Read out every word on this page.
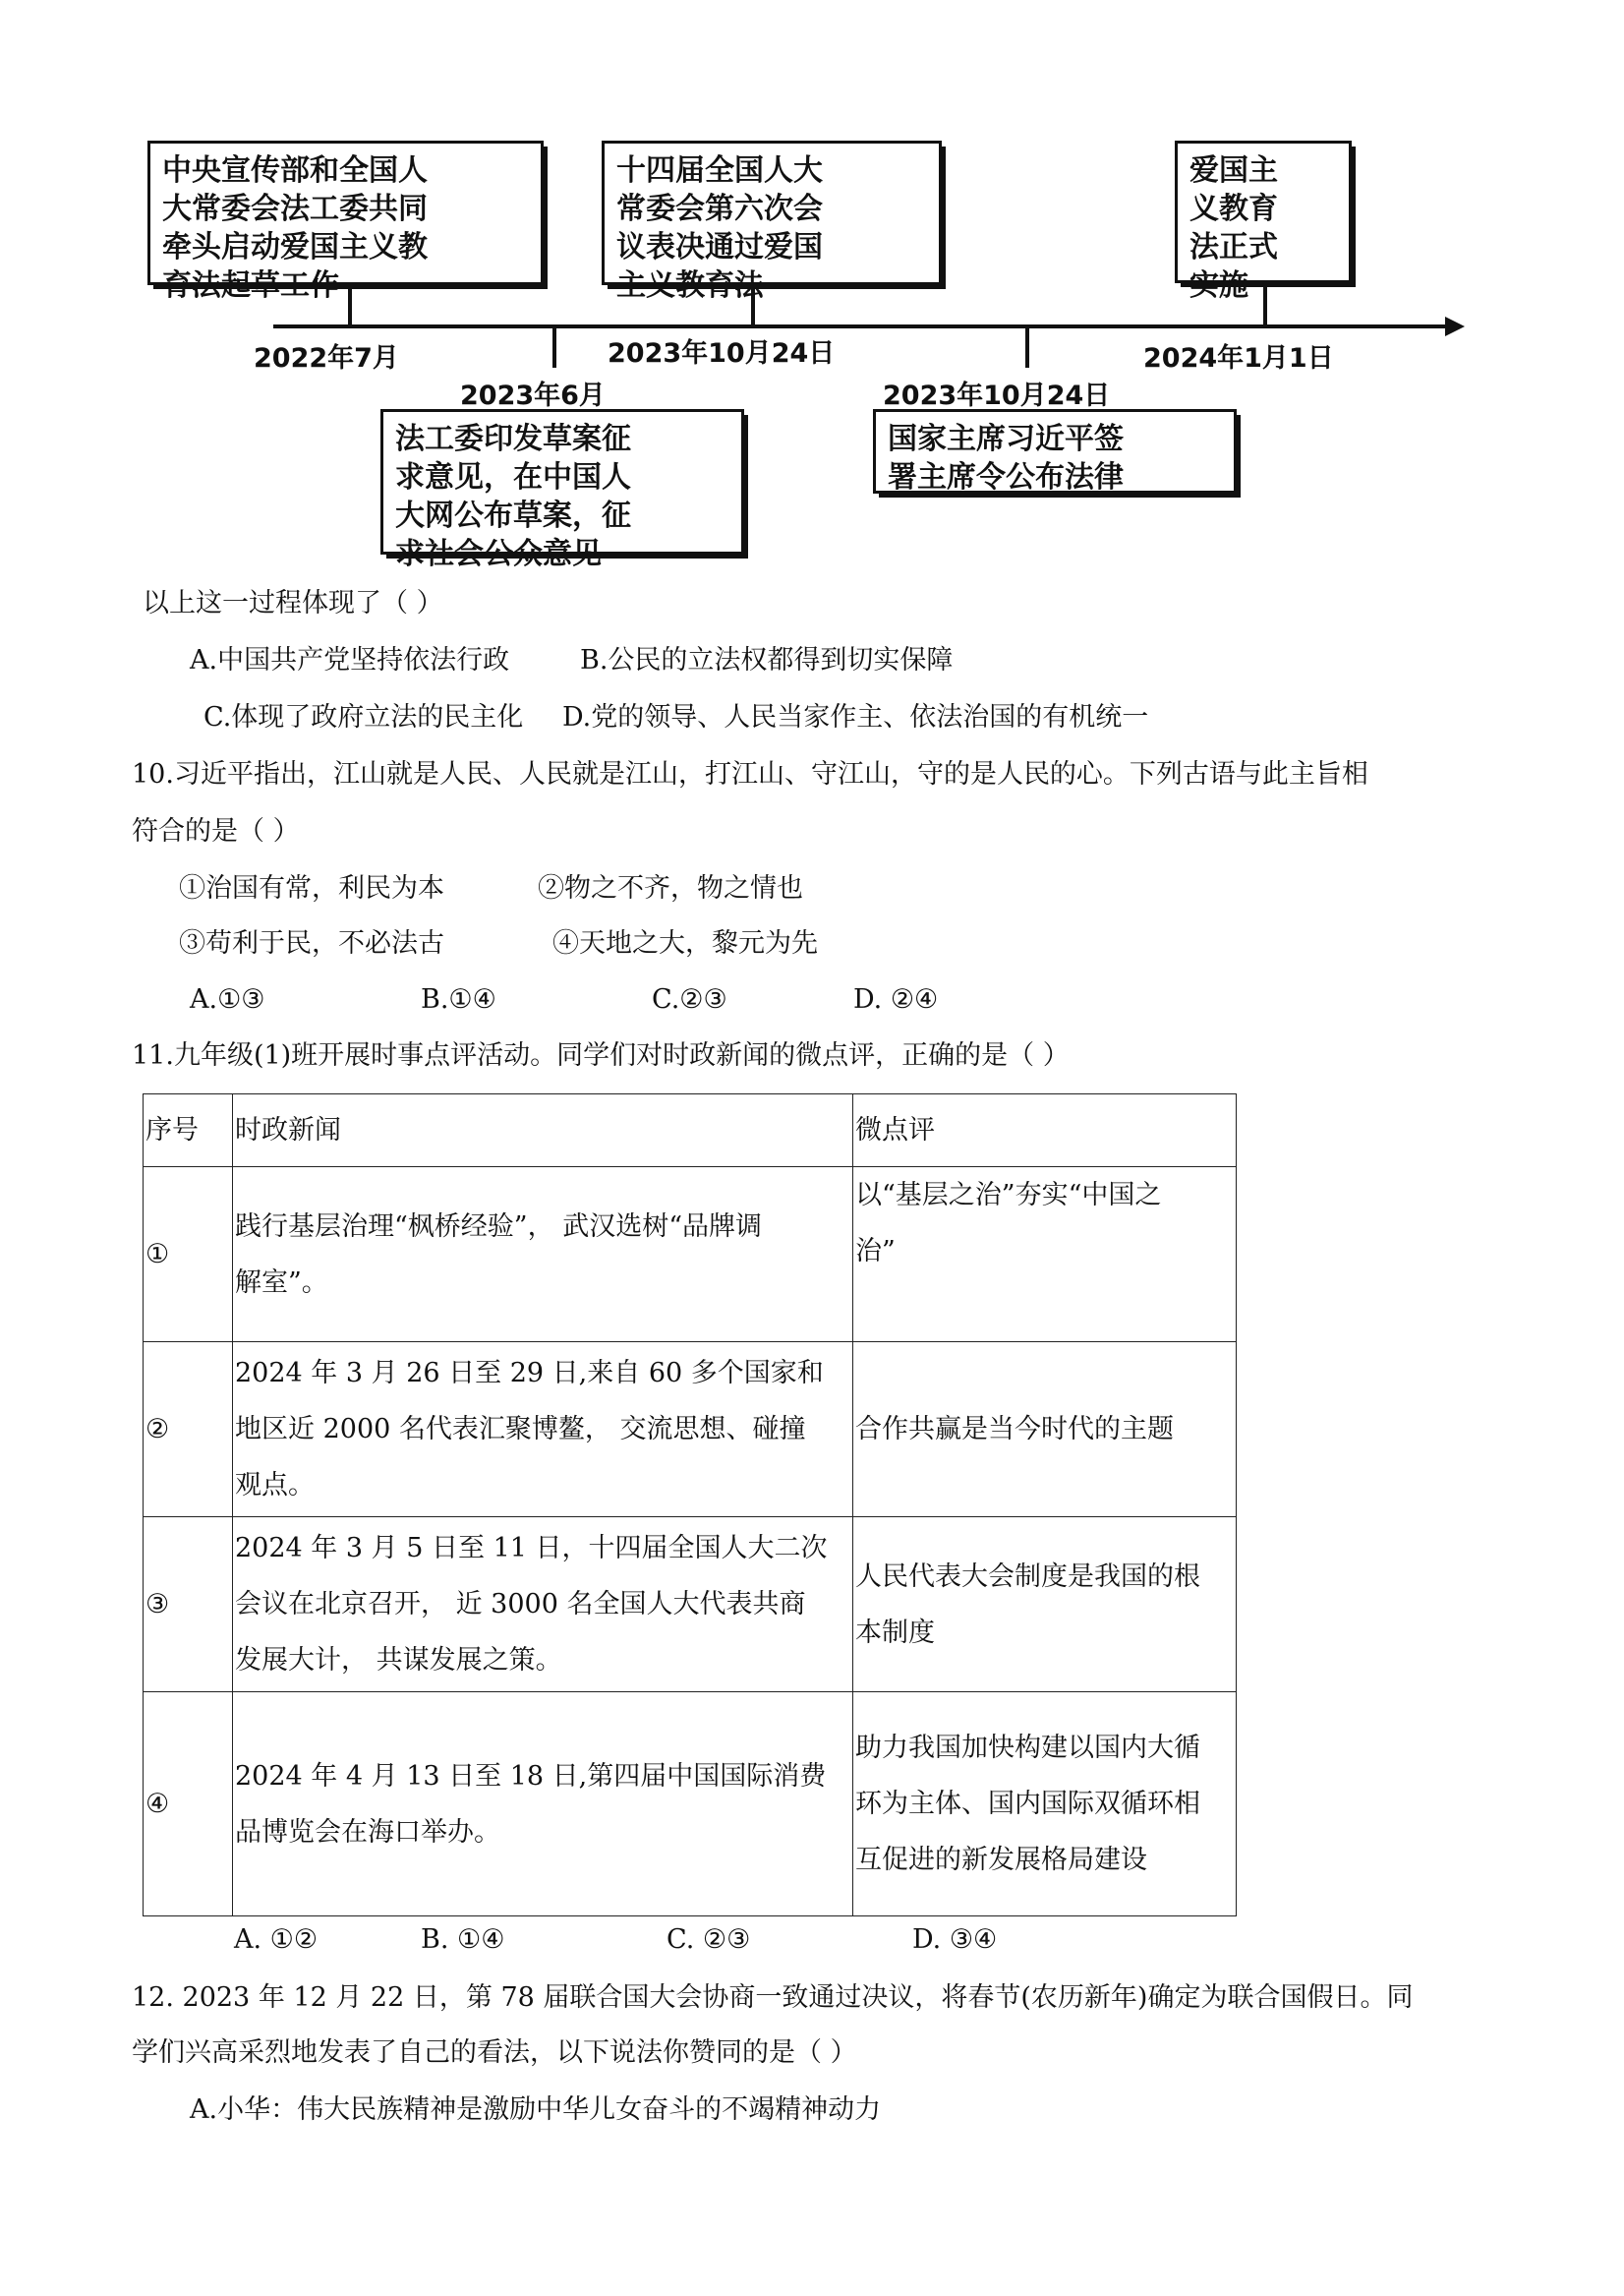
中央宣传部和全国人
大常委会法工委共同
牵头启动爱国主义教
育法起草工作
十四届全国人大
常委会第六次会
议表决通过爱国
主义教育法
爱国主
义教育
法正式
实施
法工委印发草案征
求意见，在中国人
大网公布草案，征
求社会公众意见
国家主席习近平签
署主席令公布法律
2022年7月
2023年6月
2023年10月24日
2023年10月24日
2024年1月1日
以上这一过程体现了（ ）
A.中国共产党坚持依法行政	B.公民的立法权都得到切实保障
C.体现了政府立法的民主化 D.党的领导、人民当家作主、依法治国的有机统一
10.习近平指出，江山就是人民、人民就是江山，打江山、守江山，守的是人民的心。下列古语与此主旨相
符合的是（ ）
①治国有常，利民为本	②物之不齐，物之情也
③苟利于民，不必法古	④天地之大，黎元为先
A.①③	B.①④	C.②③	D. ②④
11.九年级(1)班开展时事点评活动。同学们对时政新闻的微点评，正确的是（ ）
序号	时政新闻	微点评
①	践行基层治理“枫桥经验”， 武汉选树“品牌调
解室”。	以“基层之治”夯实“中国之
治”

②	2024 年 3 月 26 日至 29 日,来自 60 多个国家和
地区近 2000 名代表汇聚博鳌， 交流思想、碰撞
观点。	合作共赢是当今时代的主题

③	2024 年 3 月 5 日至 11 日，十四届全国人大二次
会议在北京召开， 近 3000 名全国人大代表共商
发展大计， 共谋发展之策。	人民代表大会制度是我国的根
本制度

④	2024 年 4 月 13 日至 18 日,第四届中国国际消费
品博览会在海口举办。	助力我国加快构建以国内大循
环为主体、国内国际双循环相
互促进的新发展格局建设
A. ①②	B. ①④	C. ②③	D. ③④
12. 2023 年 12 月 22 日，第 78 届联合国大会协商一致通过决议，将春节(农历新年)确定为联合国假日。同
学们兴高采烈地发表了自己的看法，以下说法你赞同的是（ ）
A.小华：伟大民族精神是激励中华儿女奋斗的不竭精神动力
